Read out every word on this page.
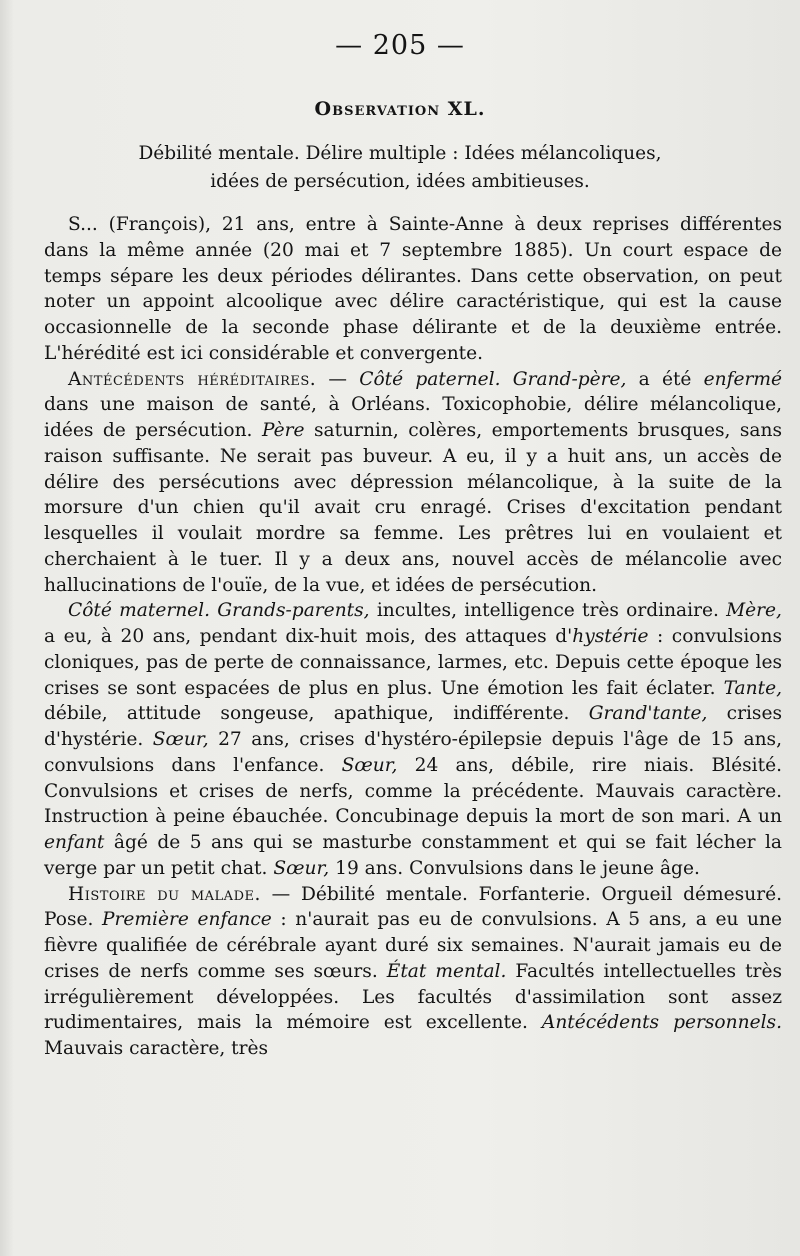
— 205 —
Observation XL.
Débilité mentale. Délire multiple : Idées mélancoliques,
idées de persécution, idées ambitieuses.

S... (François), 21 ans, entre à Sainte-Anne à deux reprises différentes dans la même année (20 mai et 7 septembre 1885). Un court espace de temps sépare les deux périodes délirantes. Dans cette observation, on peut noter un appoint alcoolique avec délire caractéristique, qui est la cause occasionnelle de la seconde phase délirante et de la deuxième entrée. L'hérédité est ici considérable et convergente.

Antécédents héréditaires. — Côté paternel. Grand-père, a été enfermé dans une maison de santé, à Orléans. Toxicophobie, délire mélancolique, idées de persécution. Père saturnin, colères, emportements brusques, sans raison suffisante. Ne serait pas buveur. A eu, il y a huit ans, un accès de délire des persécutions avec dépression mélancolique, à la suite de la morsure d'un chien qu'il avait cru enragé. Crises d'excitation pendant lesquelles il voulait mordre sa femme. Les prêtres lui en voulaient et cherchaient à le tuer. Il y a deux ans, nouvel accès de mélancolie avec hallucinations de l'ouïe, de la vue, et idées de persécution.

Côté maternel. Grands-parents, incultes, intelligence très ordinaire. Mère, a eu, à 20 ans, pendant dix-huit mois, des attaques d'hystérie : convulsions cloniques, pas de perte de connaissance, larmes, etc. Depuis cette époque les crises se sont espacées de plus en plus. Une émotion les fait éclater. Tante, débile, attitude songeuse, apathique, indifférente. Grand'tante, crises d'hystérie. Sœur, 27 ans, crises d'hystéro-épilepsie depuis l'âge de 15 ans, convulsions dans l'enfance. Sœur, 24 ans, débile, rire niais. Blésité. Convulsions et crises de nerfs, comme la précédente. Mauvais caractère. Instruction à peine ébauchée. Concubinage depuis la mort de son mari. A un enfant âgé de 5 ans qui se masturbe constamment et qui se fait lécher la verge par un petit chat. Sœur, 19 ans. Convulsions dans le jeune âge.

Histoire du malade. — Débilité mentale. Forfanterie. Orgueil démesuré. Pose. Première enfance : n'aurait pas eu de convulsions. A 5 ans, a eu une fièvre qualifiée de cérébrale ayant duré six semaines. N'aurait jamais eu de crises de nerfs comme ses sœurs. État mental. Facultés intellectuelles très irrégulièrement développées. Les facultés d'assimilation sont assez rudimentaires, mais la mémoire est excellente. Antécédents personnels. Mauvais caractère, très
